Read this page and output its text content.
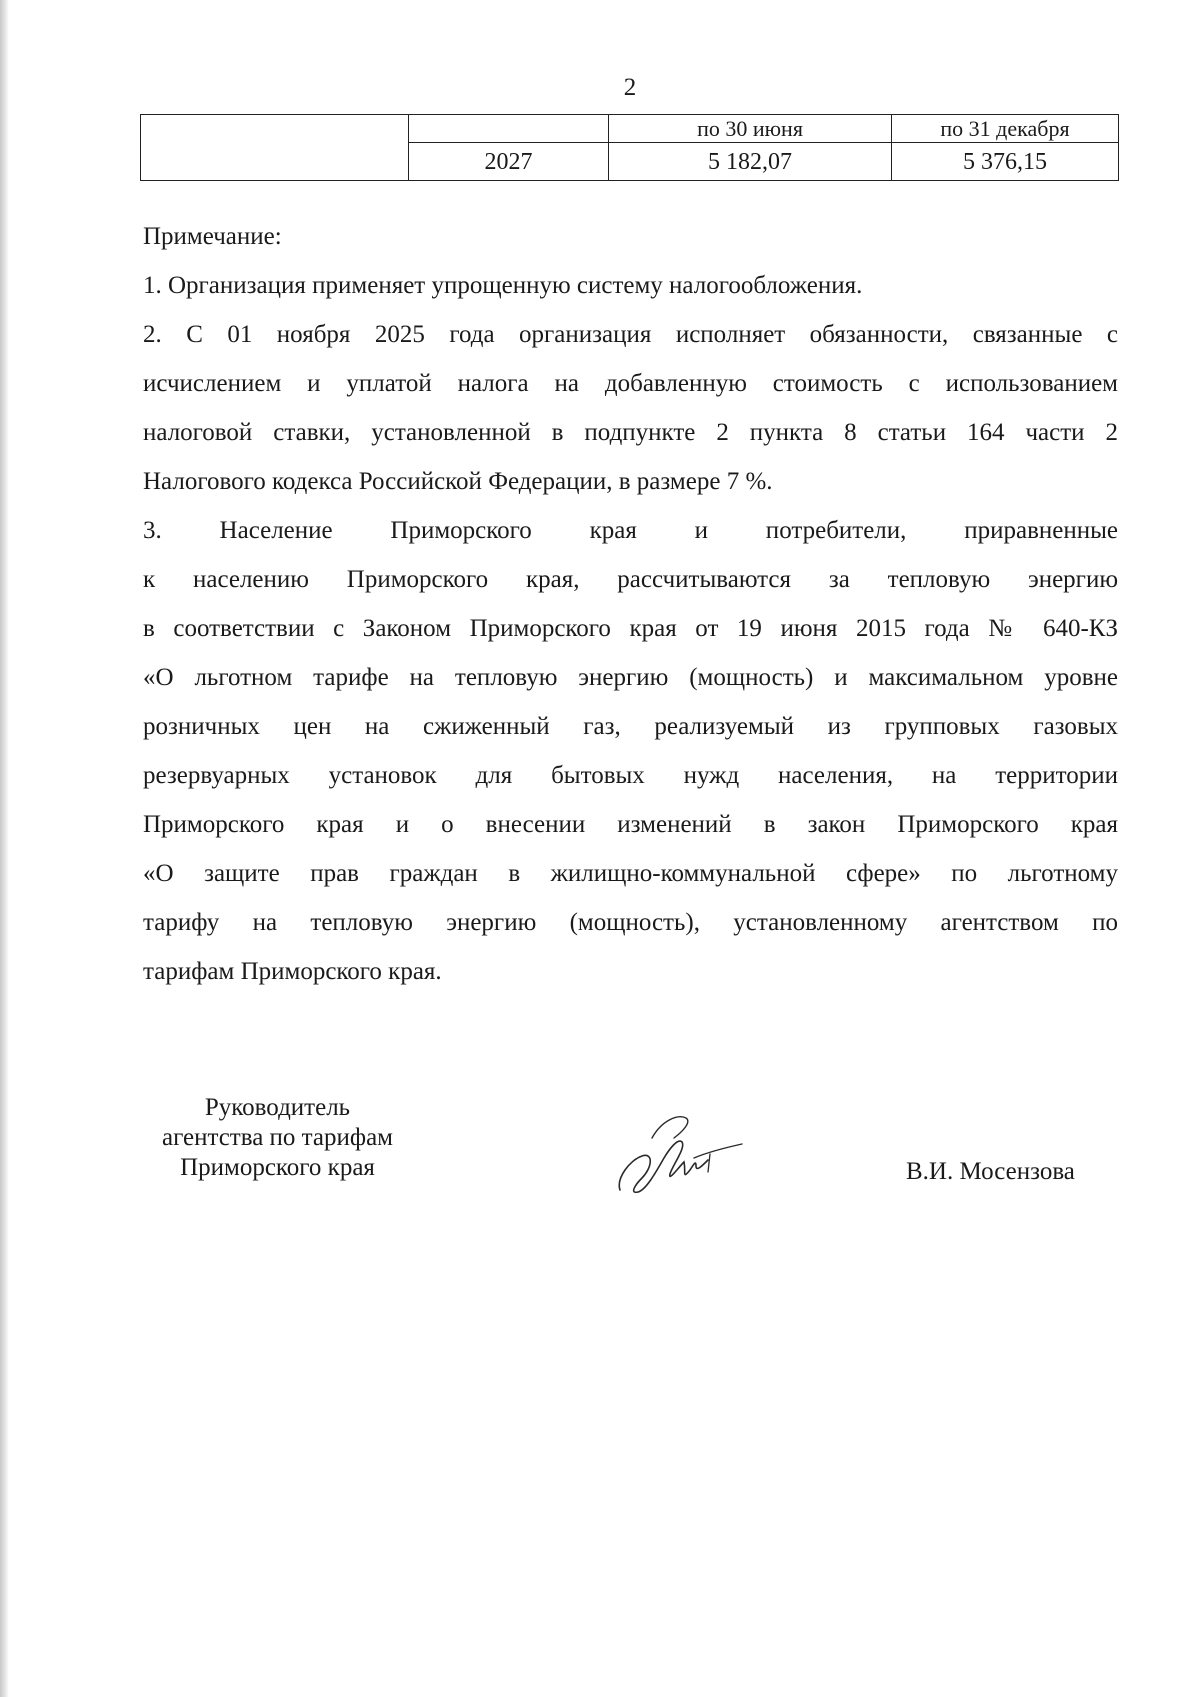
2
		по 30 июня	по 31 декабря
	2027	5 182,07	5 376,15

Примечание:

1. Организация применяет упрощенную систему налогообложения.

2. С 01 ноября 2025 года организация исполняет обязанности, связанные с

исчислением и уплатой налога на добавленную стоимость с использованием

налоговой ставки, установленной в подпункте 2 пункта 8 статьи 164 части 2

Налогового кодекса Российской Федерации, в размере 7 %.

3. Население Приморского края и потребители, приравненные

к населению Приморского края, рассчитываются за тепловую энергию

в соответствии с Законом Приморского края от 19 июня 2015 года № 640-КЗ

«О льготном тарифе на тепловую энергию (мощность) и максимальном уровне

розничных цен на сжиженный газ, реализуемый из групповых газовых

резервуарных установок для бытовых нужд населения, на территории

Приморского края и о внесении изменений в закон Приморского края

«О защите прав граждан в жилищно-коммунальной сфере» по льготному

тарифу на тепловую энергию (мощность), установленному агентством по

тарифам Приморского края.

Руководитель
агентства по тарифам
Приморского края	В.И. Мосензова
